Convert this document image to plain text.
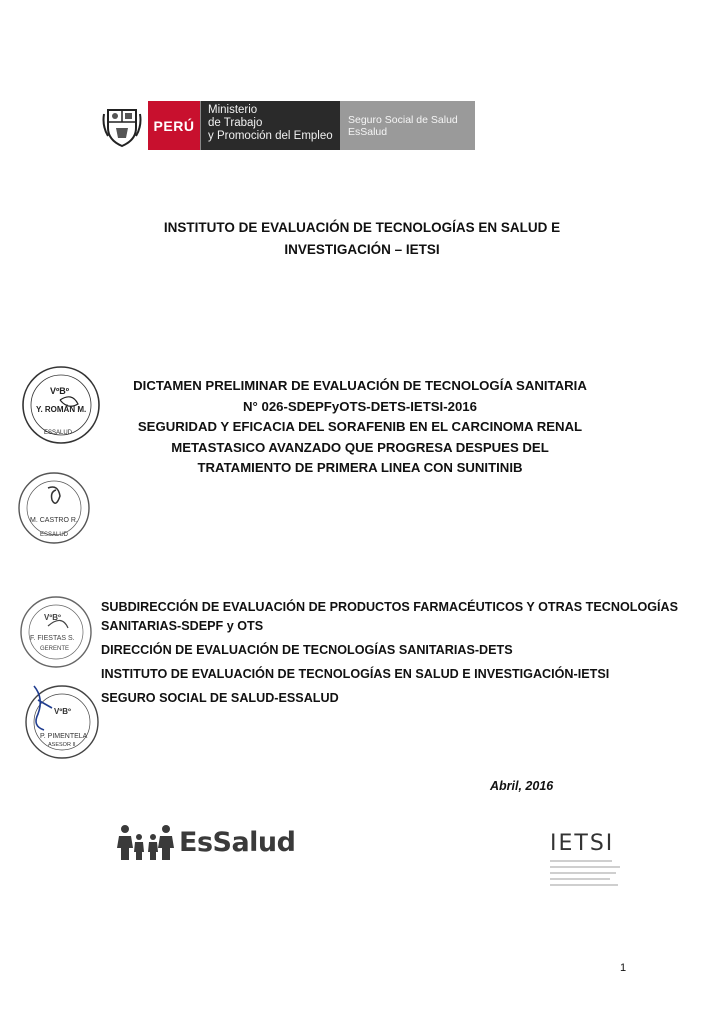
PERÚ
Ministerio
de Trabajo
y Promoción del Empleo
Seguro Social de Salud
EsSalud
INSTITUTO DE EVALUACIÓN DE TECNOLOGÍAS EN SALUD E
INVESTIGACIÓN – IETSI
DICTAMEN PRELIMINAR DE EVALUACIÓN DE TECNOLOGÍA SANITARIA
N° 026-SDEPFyOTS-DETS-IETSI-2016
SEGURIDAD Y EFICACIA DEL SORAFENIB EN EL CARCINOMA RENAL
METASTASICO AVANZADO QUE PROGRESA DESPUES DEL
TRATAMIENTO DE PRIMERA LINEA CON SUNITINIB
VºBº
Y. ROMÁN M.
ESSALUD
M. CASTRO R.
ESSALUD
VºBº
F. FIESTAS S.
GERENTE
VºBº
P. PIMENTELA
ASESOR II

SUBDIRECCIÓN DE EVALUACIÓN DE PRODUCTOS FARMACÉUTICOS Y OTRAS TECNOLOGÍAS SANITARIAS-SDEPF y OTS

DIRECCIÓN DE EVALUACIÓN DE TECNOLOGÍAS SANITARIAS-DETS

INSTITUTO DE EVALUACIÓN DE TECNOLOGÍAS EN SALUD E INVESTIGACIÓN-IETSI

SEGURO SOCIAL DE SALUD-ESSALUD

Abril, 2016
EsSalud	IETSI
1
